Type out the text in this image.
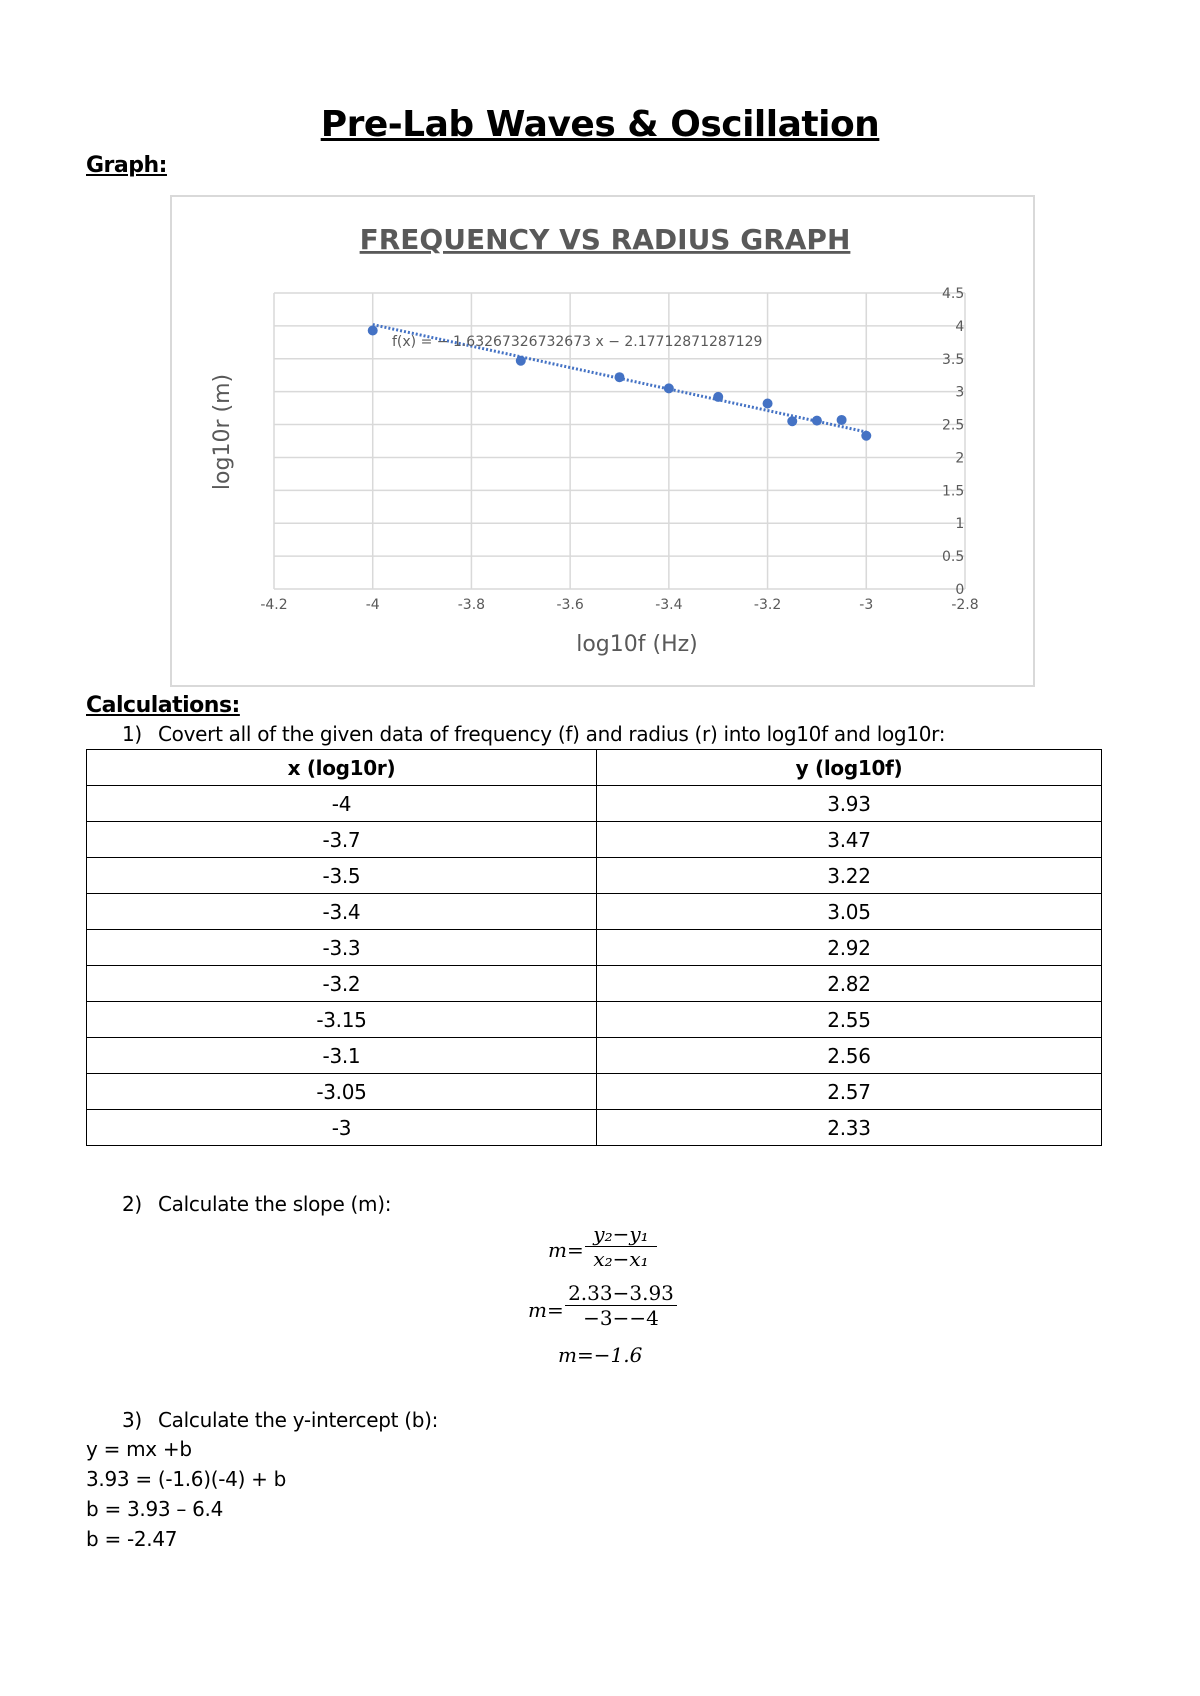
Pre-Lab Waves & Oscillation
Graph:
FREQUENCY VS RADIUS GRAPH
-4.2	-4	-3.8	-3.6	-3.4	-3.2	-3	-2.8
0
0.5
1
1.5
2
2.5
3
3.5
4
4.5
f(x) = − 1.63267326732673 x − 2.17712871287129
log10f (Hz)
log10r (m)
Calculations:
1) Covert all of the given data of frequency (f) and radius (r) into log10f and log10r:
x (log10r)	y (log10f)
-4	3.93
-3.7	3.47
-3.5	3.22
-3.4	3.05
-3.3	2.92
-3.2	2.82
-3.15	2.55
-3.1	2.56
-3.05	2.57
-3	2.33
2) Calculate the slope (m):
$m= \frac{\text{y₂−y₁}}{\text{x₂−x₁}}$
$m= \frac{2.33-3.93}{-3--4}$
m=−1.6
3) Calculate the y-intercept (b):
y = mx +b
3.93 = (-1.6)(-4) + b
b = 3.93 – 6.4
b = -2.47
